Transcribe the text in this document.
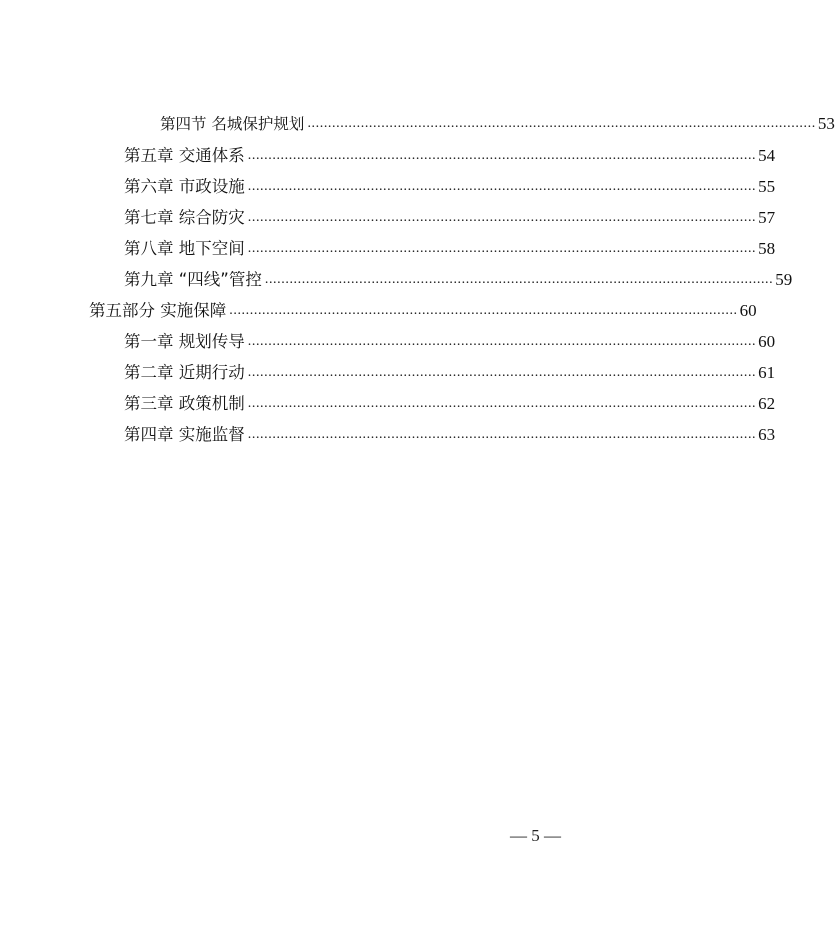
第四节 名城保护规划 ............................................................................................................................ 53
第五章 交通体系 ............................................................................................................................ 54
第六章 市政设施 ............................................................................................................................ 55
第七章 综合防灾 ............................................................................................................................ 57
第八章 地下空间 ............................................................................................................................ 58
第九章 “四线”管控 ............................................................................................................................ 59
第五部分 实施保障 ............................................................................................................................ 60
第一章 规划传导 ............................................................................................................................ 60
第二章 近期行动 ............................................................................................................................ 61
第三章 政策机制 ............................................................................................................................ 62
第四章 实施监督 ............................................................................................................................ 63
— 5 —
